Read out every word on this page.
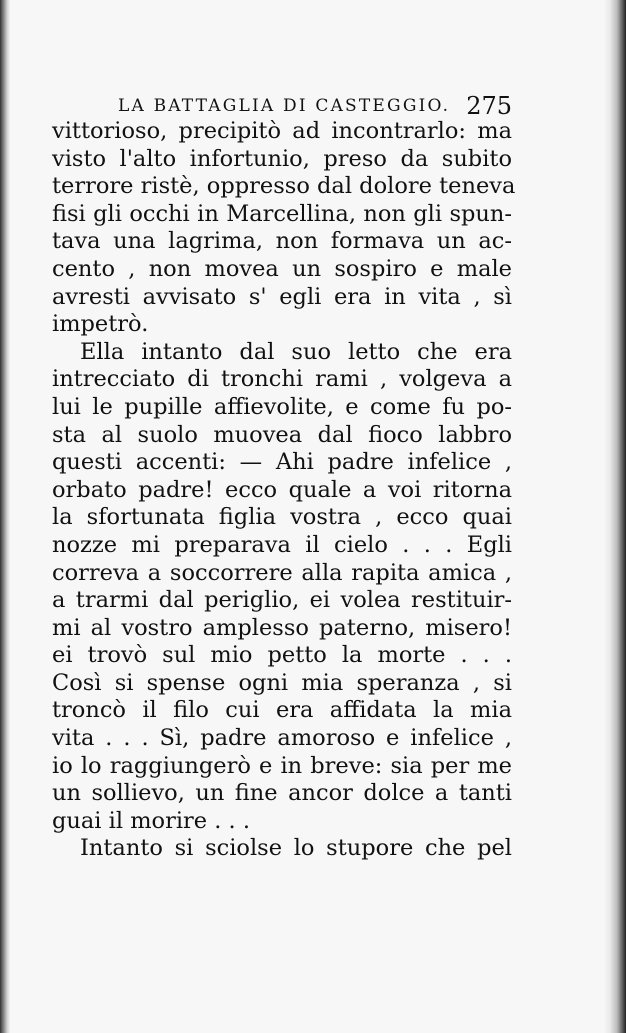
LA BATTAGLIA DI CASTEGGIO. 275
vittorioso, precipitò ad incontrarlo: ma
visto l'alto infortunio, preso da subito
terrore ristè, oppresso dal dolore teneva
fisi gli occhi in Marcellina, non gli spun-
tava una lagrima, non formava un ac-
cento , non movea un sospiro e male
avresti avvisato s' egli era in vita , sì
impetrò.
Ella intanto dal suo letto che era
intrecciato di tronchi rami , volgeva a
lui le pupille affievolite, e come fu po-
sta al suolo muovea dal fioco labbro
questi accenti: — Ahi padre infelice ,
orbato padre! ecco quale a voi ritorna
la sfortunata figlia vostra , ecco quai
nozze mi preparava il cielo . . . Egli
correva a soccorrere alla rapita amica ,
a trarmi dal periglio, ei volea restituir-
mi al vostro amplesso paterno, misero!
ei trovò sul mio petto la morte . . .
Così si spense ogni mia speranza , si
troncò il filo cui era affidata la mia
vita . . . Sì, padre amoroso e infelice ,
io lo raggiungerò e in breve: sia per me
un sollievo, un fine ancor dolce a tanti
guai il morire . . .
Intanto si sciolse lo stupore che pel
